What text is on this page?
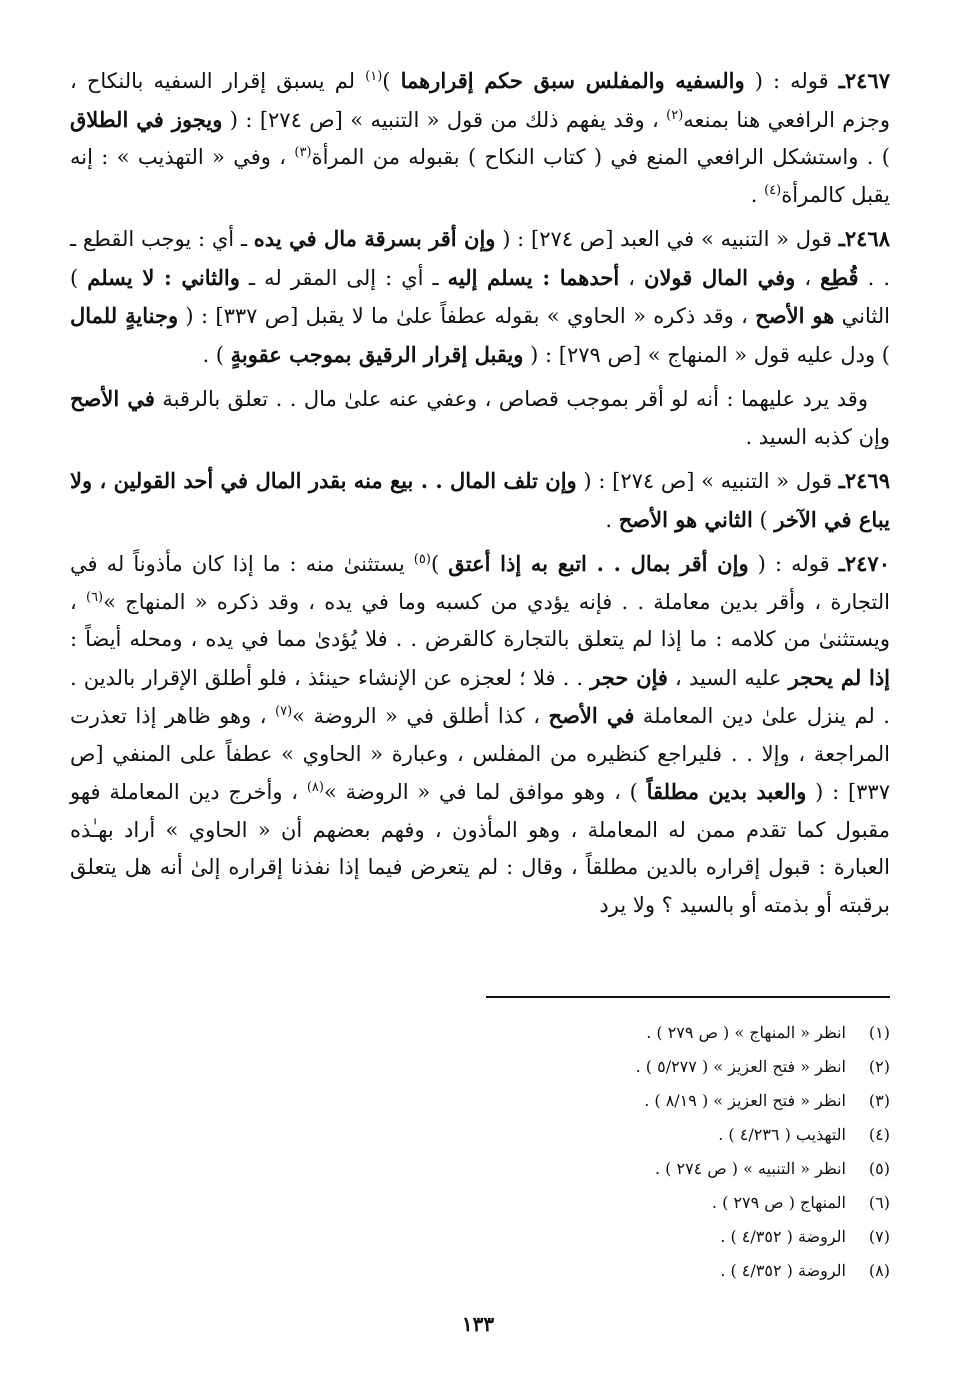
٢٤٦٧ـ قوله : ( والسفيه والمفلس سبق حكم إقرارهما )$^{(١)}$ لم يسبق إقرار السفيه بالنكاح ، وجزم الرافعي هنا بمنعه$^{(٢)}$ ، وقد يفهم ذلك من قول « التنبيه » [ص ٢٧٤] : ( ويجوز في الطلاق ) . واستشكل الرافعي المنع في ( كتاب النكاح ) بقبوله من المرأة$^{(٣)}$ ، وفي « التهذيب » : إنه يقبل كالمرأة$^{(٤)}$ .

٢٤٦٨ـ قول « التنبيه » في العبد [ص ٢٧٤] : ( وإن أقر بسرقة مال في يده ـ أي : يوجب القطع ـ . . قُطِع ، وفي المال قولان ، أحدهما : يسلم إليه ـ أي : إلى المقر له ـ والثاني : لا يسلم ) الثاني هو الأصح ، وقد ذكره « الحاوي » بقوله عطفاً علىٰ ما لا يقبل [ص ٣٣٧] : ( وجنايةٍ للمال ) ودل عليه قول « المنهاج » [ص ٢٧٩] : ( ويقبل إقرار الرقيق بموجب عقوبةٍ ) .

وقد يرد عليهما : أنه لو أقر بموجب قصاص ، وعفي عنه علىٰ مال . . تعلق بالرقبة في الأصح وإن كذبه السيد .

٢٤٦٩ـ قول « التنبيه » [ص ٢٧٤] : ( وإن تلف المال . . بيع منه بقدر المال في أحد القولين ، ولا يباع في الآخر ) الثاني هو الأصح .

٢٤٧٠ـ قوله : ( وإن أقر بمال . . اتبع به إذا أعتق )$^{(٥)}$ يستثنىٰ منه : ما إذا كان مأذوناً له في التجارة ، وأقر بدين معاملة . . فإنه يؤدي من كسبه وما في يده ، وقد ذكره « المنهاج »$^{(٦)}$ ، ويستثنىٰ من كلامه : ما إذا لم يتعلق بالتجارة كالقرض . . فلا يُؤدىٰ مما في يده ، ومحله أيضاً : إذا لم يحجر عليه السيد ، فإن حجر . . فلا ؛ لعجزه عن الإنشاء حينئذ ، فلو أطلق الإقرار بالدين . . لم ينزل علىٰ دين المعاملة في الأصح ، كذا أطلق في « الروضة »$^{(٧)}$ ، وهو ظاهر إذا تعذرت المراجعة ، وإلا . . فليراجع كنظيره من المفلس ، وعبارة « الحاوي » عطفاً على المنفي [ص ٣٣٧] : ( والعبد بدين مطلقاً ) ، وهو موافق لما في « الروضة »$^{(٨)}$ ، وأخرج دين المعاملة فهو مقبول كما تقدم ممن له المعاملة ، وهو المأذون ، وفهم بعضهم أن « الحاوي » أراد بهـٰذه العبارة : قبول إقراره بالدين مطلقاً ، وقال : لم يتعرض فيما إذا نفذنا إقراره إلىٰ أنه هل يتعلق برقبته أو بذمته أو بالسيد ؟ ولا يرد

(١)
انظر « المنهاج » ( ص ٢٧٩ ) .
(٢)
انظر « فتح العزيز » ( ٥/٢٧٧ ) .
(٣)
انظر « فتح العزيز » ( ٨/١٩ ) .
(٤)
التهذيب ( ٤/٢٣٦ ) .
(٥)
انظر « التنبيه » ( ص ٢٧٤ ) .
(٦)
المنهاج ( ص ٢٧٩ ) .
(٧)
الروضة ( ٤/٣٥٢ ) .
(٨)
الروضة ( ٤/٣٥٢ ) .
١٣٣
